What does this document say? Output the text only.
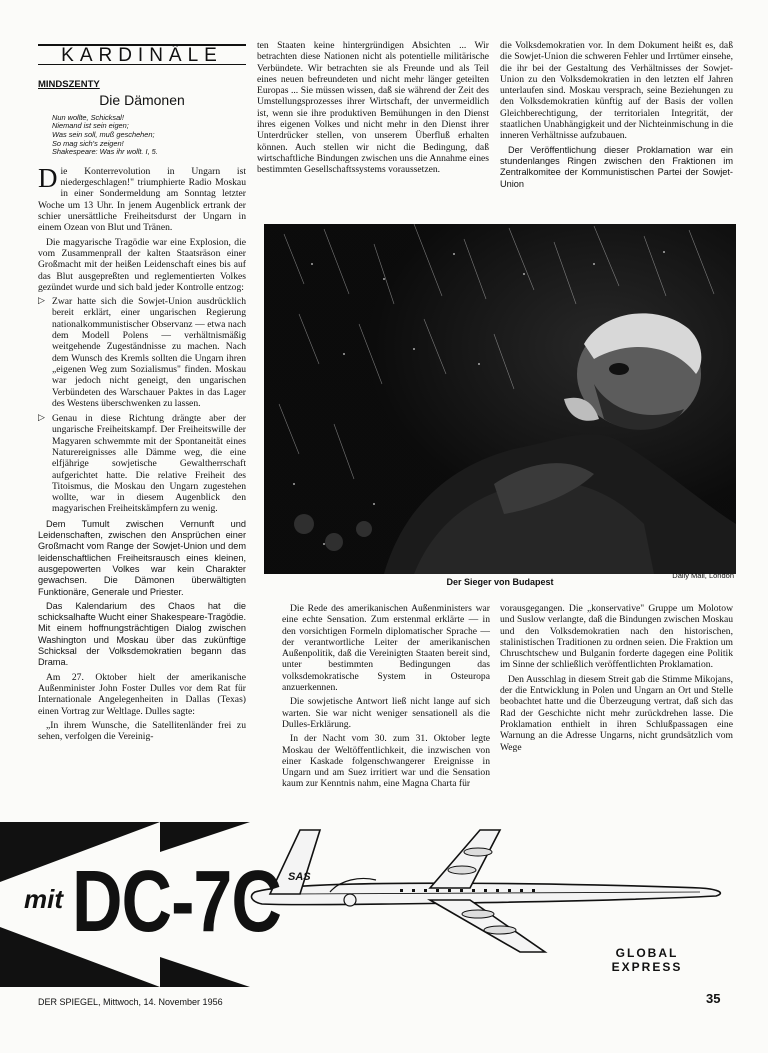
KARDINÄLE
MINDSZENTY
Die Dämonen
Nun wollte, Schicksal!
Niemand ist sein eigen;
Was sein soll, muß geschehen;
So mag sich's zeigen!
Shakespeare: Was ihr wollt. I, 5.

Die Konterrevolution in Ungarn ist niedergeschlagen!" triumphierte Radio Moskau in einer Sondermeldung am Sonntag letzter Woche um 13 Uhr. In jenem Augenblick ertrank der schier unersättliche Freiheitsdurst der Ungarn in einem Ozean von Blut und Tränen.

Die magyarische Tragödie war eine Explosion, die vom Zusammenprall der kalten Staatsräson einer Großmacht mit der heißen Leidenschaft eines bis auf das Blut ausgepreßten und reglementierten Volkes gezündet wurde und sich bald jeder Kontrolle entzog:

▷ Zwar hatte sich die Sowjet-Union ausdrücklich bereit erklärt, einer ungarischen Regierung nationalkommunistischer Observanz — etwa nach dem Modell Polens — verhältnismäßig weitgehende Zugeständnisse zu machen. Nach dem Wunsch des Kremls sollten die Ungarn ihren „eigenen Weg zum Sozialismus" finden. Moskau war jedoch nicht geneigt, den ungarischen Verbündeten des Warschauer Paktes in das Lager des Westens überschwenken zu lassen.

▷ Genau in diese Richtung drängte aber der ungarische Freiheitskampf. Der Freiheitswille der Magyaren schwemmte mit der Spontaneität eines Naturereignisses alle Dämme weg, die eine elfjährige sowjetische Gewaltherrschaft aufgerichtet hatte. Die relative Freiheit des Titoismus, die Moskau den Ungarn zugestehen wollte, war in diesem Augenblick den magyarischen Freiheitskämpfern zu wenig.

Dem Tumult zwischen Vernunft und Leidenschaften, zwischen den Ansprüchen einer Großmacht vom Range der Sowjet-Union und dem leidenschaftlichen Freiheitsrausch eines kleinen, ausgepowerten Volkes war kein Charakter gewachsen. Die Dämonen überwältigten Funktionäre, Generale und Priester.

Das Kalendarium des Chaos hat die schicksalhafte Wucht einer Shakespeare-Tragödie. Mit einem hoffnungsträchtigen Dialog zwischen Washington und Moskau über das zukünftige Schicksal der Volksdemokratien begann das Drama.

Am 27. Oktober hielt der amerikanische Außenminister John Foster Dulles vor dem Rat für Internationale Angelegenheiten in Dallas (Texas) einen Vortrag zur Weltlage. Dulles sagte:

„In ihrem Wunsche, die Satellitenländer frei zu sehen, verfolgen die Vereinig-

ten Staaten keine hintergründigen Absichten ... Wir betrachten diese Nationen nicht als potentielle militärische Verbündete. Wir betrachten sie als Freunde und als Teil eines neuen befreundeten und nicht mehr länger geteilten Europas ... Sie müssen wissen, daß sie während der Zeit des Umstellungsprozesses ihrer Wirtschaft, der unvermeidlich ist, wenn sie ihre produktiven Bemühungen in den Dienst ihres eigenen Volkes und nicht mehr in den Dienst ihrer Unterdrücker stellen, von unserem Überfluß erhalten können. Auch stellen wir nicht die Bedingung, daß wirtschaftliche Bindungen zwischen uns die Annahme eines bestimmten Gesellschaftssystems voraussetzen.

die Volksdemokratien vor. In dem Dokument heißt es, daß die Sowjet-Union die schweren Fehler und Irrtümer einsehe, die ihr bei der Gestaltung des Verhältnisses der Sowjet-Union zu den Volksdemokratien in den letzten elf Jahren unterlaufen sind. Moskau versprach, seine Beziehungen zu den Volksdemokratien künftig auf der Basis der vollen Gleichberechtigung, der territorialen Integrität, der staatlichen Unabhängigkeit und der Nichteinmischung in die inneren Verhältnisse aufzubauen.

Der Veröffentlichung dieser Proklamation war ein stundenlanges Ringen zwischen den Fraktionen im Zentralkomitee der Kommunistischen Partei der Sowjet-Union

Daily Mail, London
Der Sieger von Budapest

Die Rede des amerikanischen Außenministers war eine echte Sensation. Zum erstenmal erklärte — in den vorsichtigen Formeln diplomatischer Sprache — der verantwortliche Leiter der amerikanischen Außenpolitik, daß die Vereinigten Staaten bereit sind, unter bestimmten Bedingungen das volksdemokratische System in Osteuropa anzuerkennen.

Die sowjetische Antwort ließ nicht lange auf sich warten. Sie war nicht weniger sensationell als die Dulles-Erklärung.

In der Nacht vom 30. zum 31. Oktober legte Moskau der Weltöffentlichkeit, die inzwischen von einer Kaskade folgenschwangerer Ereignisse in Ungarn und am Suez irritiert war und die Sensation kaum zur Kenntnis nahm, eine Magna Charta für

vorausgegangen. Die „konservative" Gruppe um Molotow und Suslow verlangte, daß die Bindungen zwischen Moskau und den Volksdemokratien nach den historischen, stalinistischen Traditionen zu ordnen seien. Die Fraktion um Chruschtschew und Bulganin forderte dagegen eine Politik im Sinne der schließlich veröffentlichten Proklamation.

Den Ausschlag in diesem Streit gab die Stimme Mikojans, der die Entwicklung in Polen und Ungarn an Ort und Stelle beobachtet hatte und die Überzeugung vertrat, daß sich das Rad der Geschichte nicht mehr zurückdrehen lasse. Die Proklamation enthielt in ihren Schlußpassagen eine Warnung an die Adresse Ungarns, nicht grundsätzlich vom Wege

SAS
mit DC-7C
GLOBAL
EXPRESS
DER SPIEGEL, Mittwoch, 14. November 1956	35
